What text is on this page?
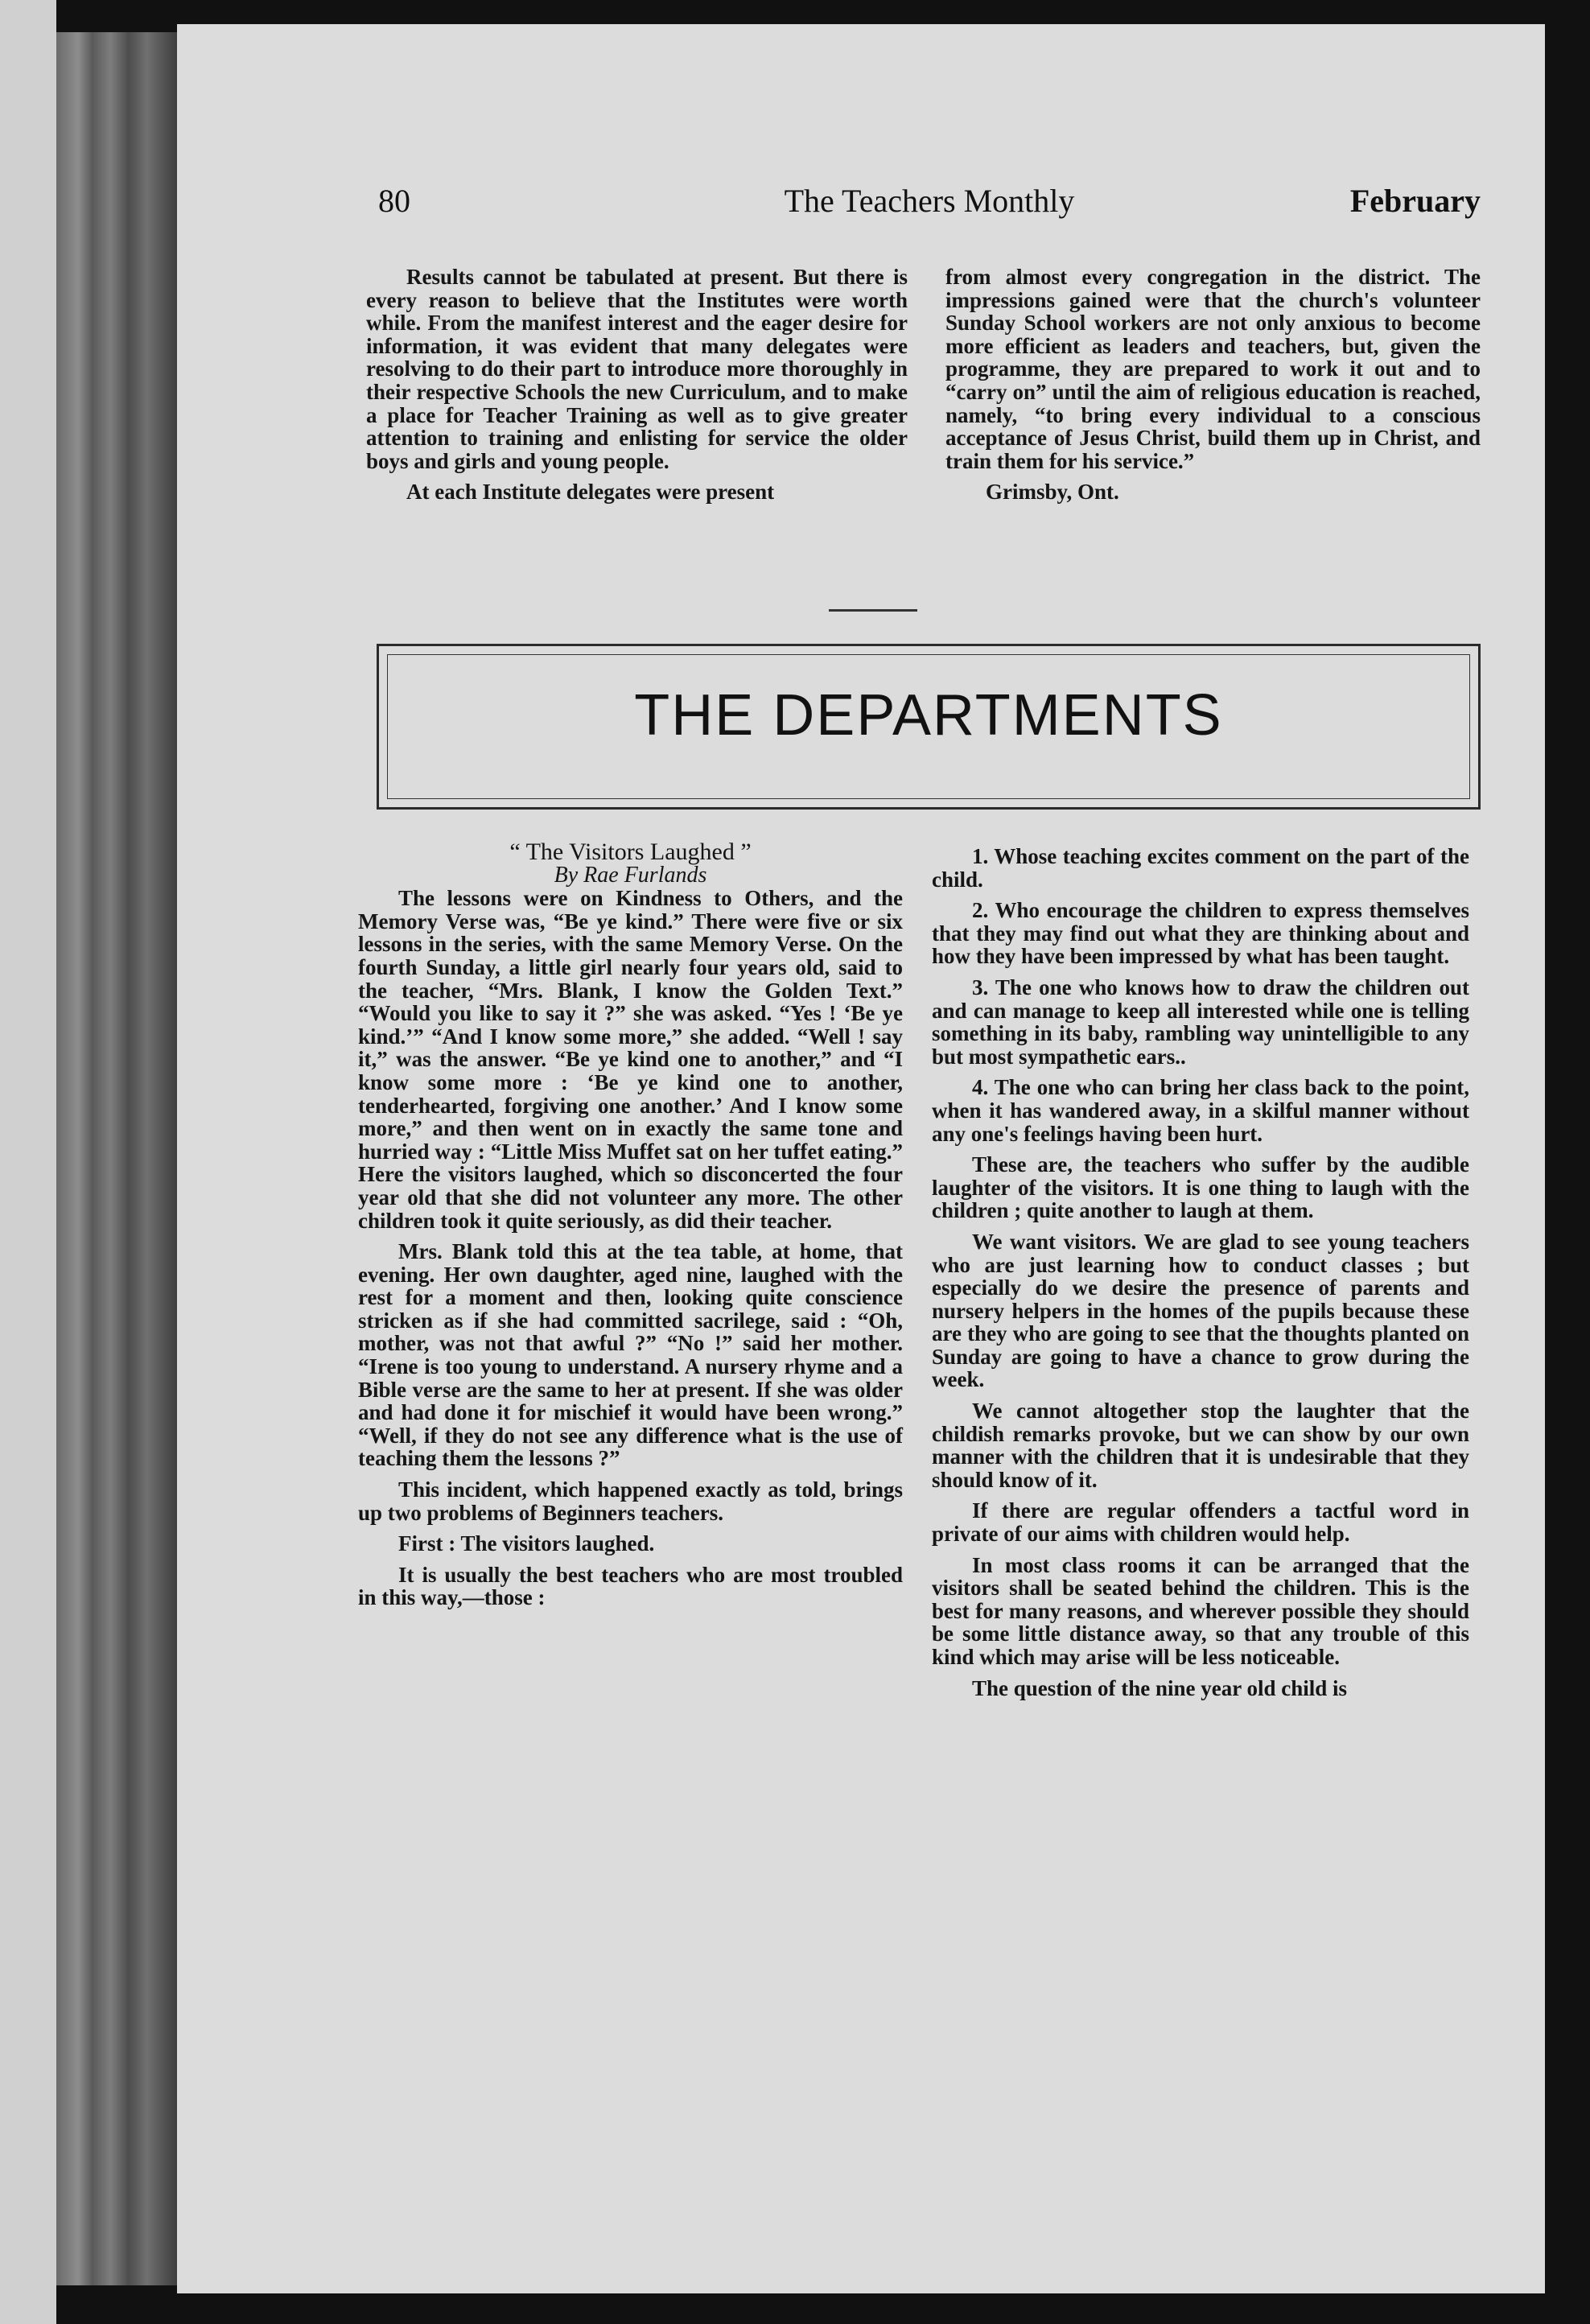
The Teachers Monthly
80	February

Results cannot be tabulated at present. But there is every reason to believe that the Institutes were worth while. From the manifest interest and the eager desire for information, it was evident that many delegates were resolving to do their part to introduce more thoroughly in their respective Schools the new Curriculum, and to make a place for Teacher Training as well as to give greater attention to training and enlisting for service the older boys and girls and young people.

At each Institute delegates were present

from almost every congregation in the district. The impressions gained were that the church's volunteer Sunday School workers are not only anxious to become more efficient as leaders and teachers, but, given the programme, they are prepared to work it out and to “carry on” until the aim of religious education is reached, namely, “to bring every individual to a conscious acceptance of Jesus Christ, build them up in Christ, and train them for his service.”

Grimsby, Ont.

THE DEPARTMENTS

“ The Visitors Laughed ”

By Rae Furlands

The lessons were on Kindness to Others, and the Memory Verse was, “Be ye kind.” There were five or six lessons in the series, with the same Memory Verse. On the fourth Sunday, a little girl nearly four years old, said to the teacher, “Mrs. Blank, I know the Golden Text.” “Would you like to say it ?” she was asked. “Yes ! ‘Be ye kind.’” “And I know some more,” she added. “Well ! say it,” was the answer. “Be ye kind one to another,” and “I know some more : ‘Be ye kind one to another, tenderhearted, forgiving one another.’ And I know some more,” and then went on in exactly the same tone and hurried way : “Little Miss Muffet sat on her tuffet eating.” Here the visitors laughed, which so disconcerted the four year old that she did not volunteer any more. The other children took it quite seriously, as did their teacher.

Mrs. Blank told this at the tea table, at home, that evening. Her own daughter, aged nine, laughed with the rest for a moment and then, looking quite conscience stricken as if she had committed sacrilege, said : “Oh, mother, was not that awful ?” “No !” said her mother. “Irene is too young to understand. A nursery rhyme and a Bible verse are the same to her at present. If she was older and had done it for mischief it would have been wrong.” “Well, if they do not see any difference what is the use of teaching them the lessons ?”

This incident, which happened exactly as told, brings up two problems of Beginners teachers.

First : The visitors laughed.

It is usually the best teachers who are most troubled in this way,—those :

1. Whose teaching excites comment on the part of the child.

2. Who encourage the children to express themselves that they may find out what they are thinking about and how they have been impressed by what has been taught.

3. The one who knows how to draw the children out and can manage to keep all interested while one is telling something in its baby, rambling way unintelligible to any but most sympathetic ears..

4. The one who can bring her class back to the point, when it has wandered away, in a skilful manner without any one's feelings having been hurt.

These are, the teachers who suffer by the audible laughter of the visitors. It is one thing to laugh with the children ; quite another to laugh at them.

We want visitors. We are glad to see young teachers who are just learning how to conduct classes ; but especially do we desire the presence of parents and nursery helpers in the homes of the pupils because these are they who are going to see that the thoughts planted on Sunday are going to have a chance to grow during the week.

We cannot altogether stop the laughter that the childish remarks provoke, but we can show by our own manner with the children that it is undesirable that they should know of it.

If there are regular offenders a tactful word in private of our aims with children would help.

In most class rooms it can be arranged that the visitors shall be seated behind the children. This is the best for many reasons, and wherever possible they should be some little distance away, so that any trouble of this kind which may arise will be less noticeable.

The question of the nine year old child is
